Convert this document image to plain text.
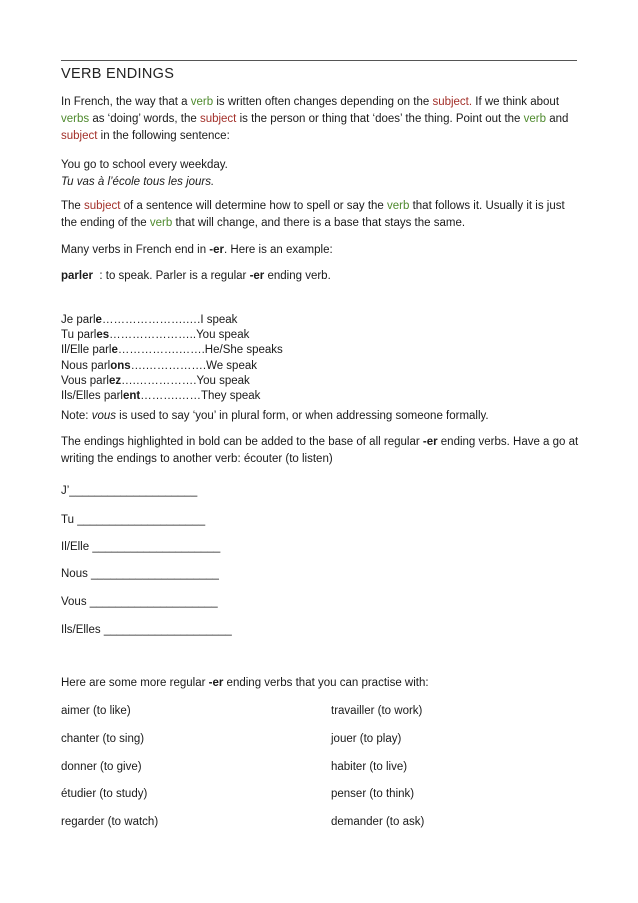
VERB ENDINGS

In French, the way that a verb is written often changes depending on the subject. If we think about verbs as ‘doing’ words, the subject is the person or thing that ‘does’ the thing. Point out the verb and subject in the following sentence:

You go to school every weekday.
Tu vas à l’école tous les jours.

The subject of a sentence will determine how to spell or say the verb that follows it. Usually it is just the ending of the verb that will change, and there is a base that stays the same.

Many verbs in French end in -er. Here is an example:
parler  : to speak. Parler is a regular -er ending verb.
Je parle………………….….I speak
Tu parles…………………..You speak
Il/Elle parle…………….…….He/She speaks
Nous parlons….…………….We speak
Vous parlez….…………….You speak
Ils/Elles parlent……….……They speak
Note: vous is used to say ‘you’ in plural form, or when addressing someone formally.

The endings highlighted in bold can be added to the base of all regular -er ending verbs. Have a go at writing the endings to another verb: écouter (to listen)

J’____________________
Tu ____________________
Il/Elle ____________________
Nous ____________________
Vous ____________________
Ils/Elles ____________________
Here are some more regular -er ending verbs that you can practise with:
aimer (to like)
chanter (to sing)
donner (to give)
étudier (to study)
regarder (to watch)
travailler (to work)
jouer (to play)
habiter (to live)
penser (to think)
demander (to ask)
